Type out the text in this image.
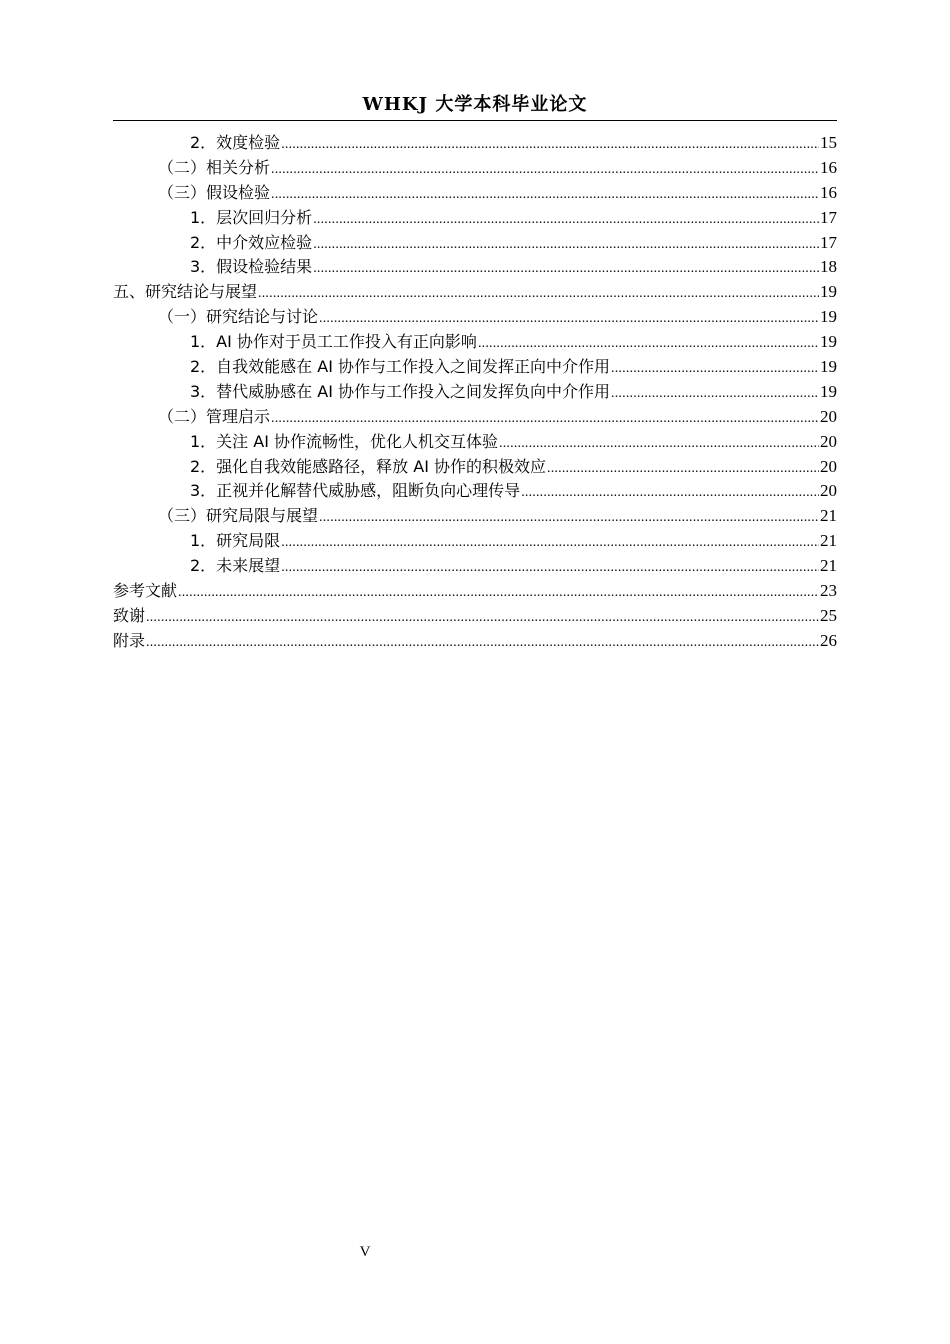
WHKJ 大学本科毕业论文
2．效度检验 .....	15
（二）相关分析 .....	16
（三）假设检验 .....	16
1．层次回归分析 .....	17
2．中介效应检验 .....	17
3．假设检验结果 .....	18
五、研究结论与展望 .....	19
（一）研究结论与讨论 .....	19
1．AI 协作对于员工工作投入有正向影响 .....	19
2．自我效能感在 AI 协作与工作投入之间发挥正向中介作用 .....	19
3．替代威胁感在 AI 协作与工作投入之间发挥负向中介作用 .....	19
（二）管理启示 .....	20
1．关注 AI 协作流畅性，优化人机交互体验 .....	20
2．强化自我效能感路径，释放 AI 协作的积极效应 .....	20
3．正视并化解替代威胁感，阻断负向心理传导 .....	20
（三）研究局限与展望 .....	21
1．研究局限 .....	21
2．未来展望 .....	21
参考文献 .....	23
致谢 .....	25
附录 .....	26
V
